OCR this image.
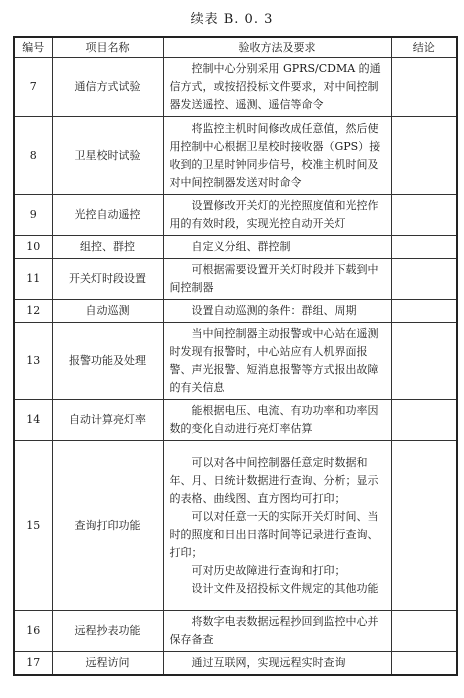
续表 B. 0. 3
编号	项目名称	验收方法及要求	结论
7	通信方式试验	控制中心分别采用 GPRS/CDMA 的通信方式，或按招投标文件要求，对中间控制器发送遥控、遥测、遥信等命令	

8	卫星校时试验	将监控主机时间修改成任意值，然后使用控制中心根据卫星校时接收器（GPS）接收到的卫星时钟同步信号，校准主机时间及对中间控制器发送对时命令	

9	光控自动遥控	设置修改开关灯的光控照度值和光控作用的有效时段，实现光控自动开关灯	

10	组控、群控	自定义分组、群控制	

11	开关灯时段设置	可根据需要设置开关灯时段并下载到中间控制器	

12	自动巡测	设置自动巡测的条件：群组、周期	

13	报警功能及处理	当中间控制器主动报警或中心站在遥测时发现有报警时，中心站应有人机界面报警、声光报警、短消息报警等方式报出故障的有关信息	

14	自动计算亮灯率	能根据电压、电流、有功功率和功率因数的变化自动进行亮灯率估算	

15	查询打印功能	可以对各中间控制器任意定时数据和年、月、日统计数据进行查询、分析；显示的表格、曲线图、直方图均可打印；
可以对任意一天的实际开关灯时间、当时的照度和日出日落时间等记录进行查询、打印；
可对历史故障进行查询和打印；
设计文件及招投标文件规定的其他功能	

16	远程抄表功能	将数字电表数据远程抄回到监控中心并保存备查	

17	远程访问	通过互联网，实现远程实时查询	
